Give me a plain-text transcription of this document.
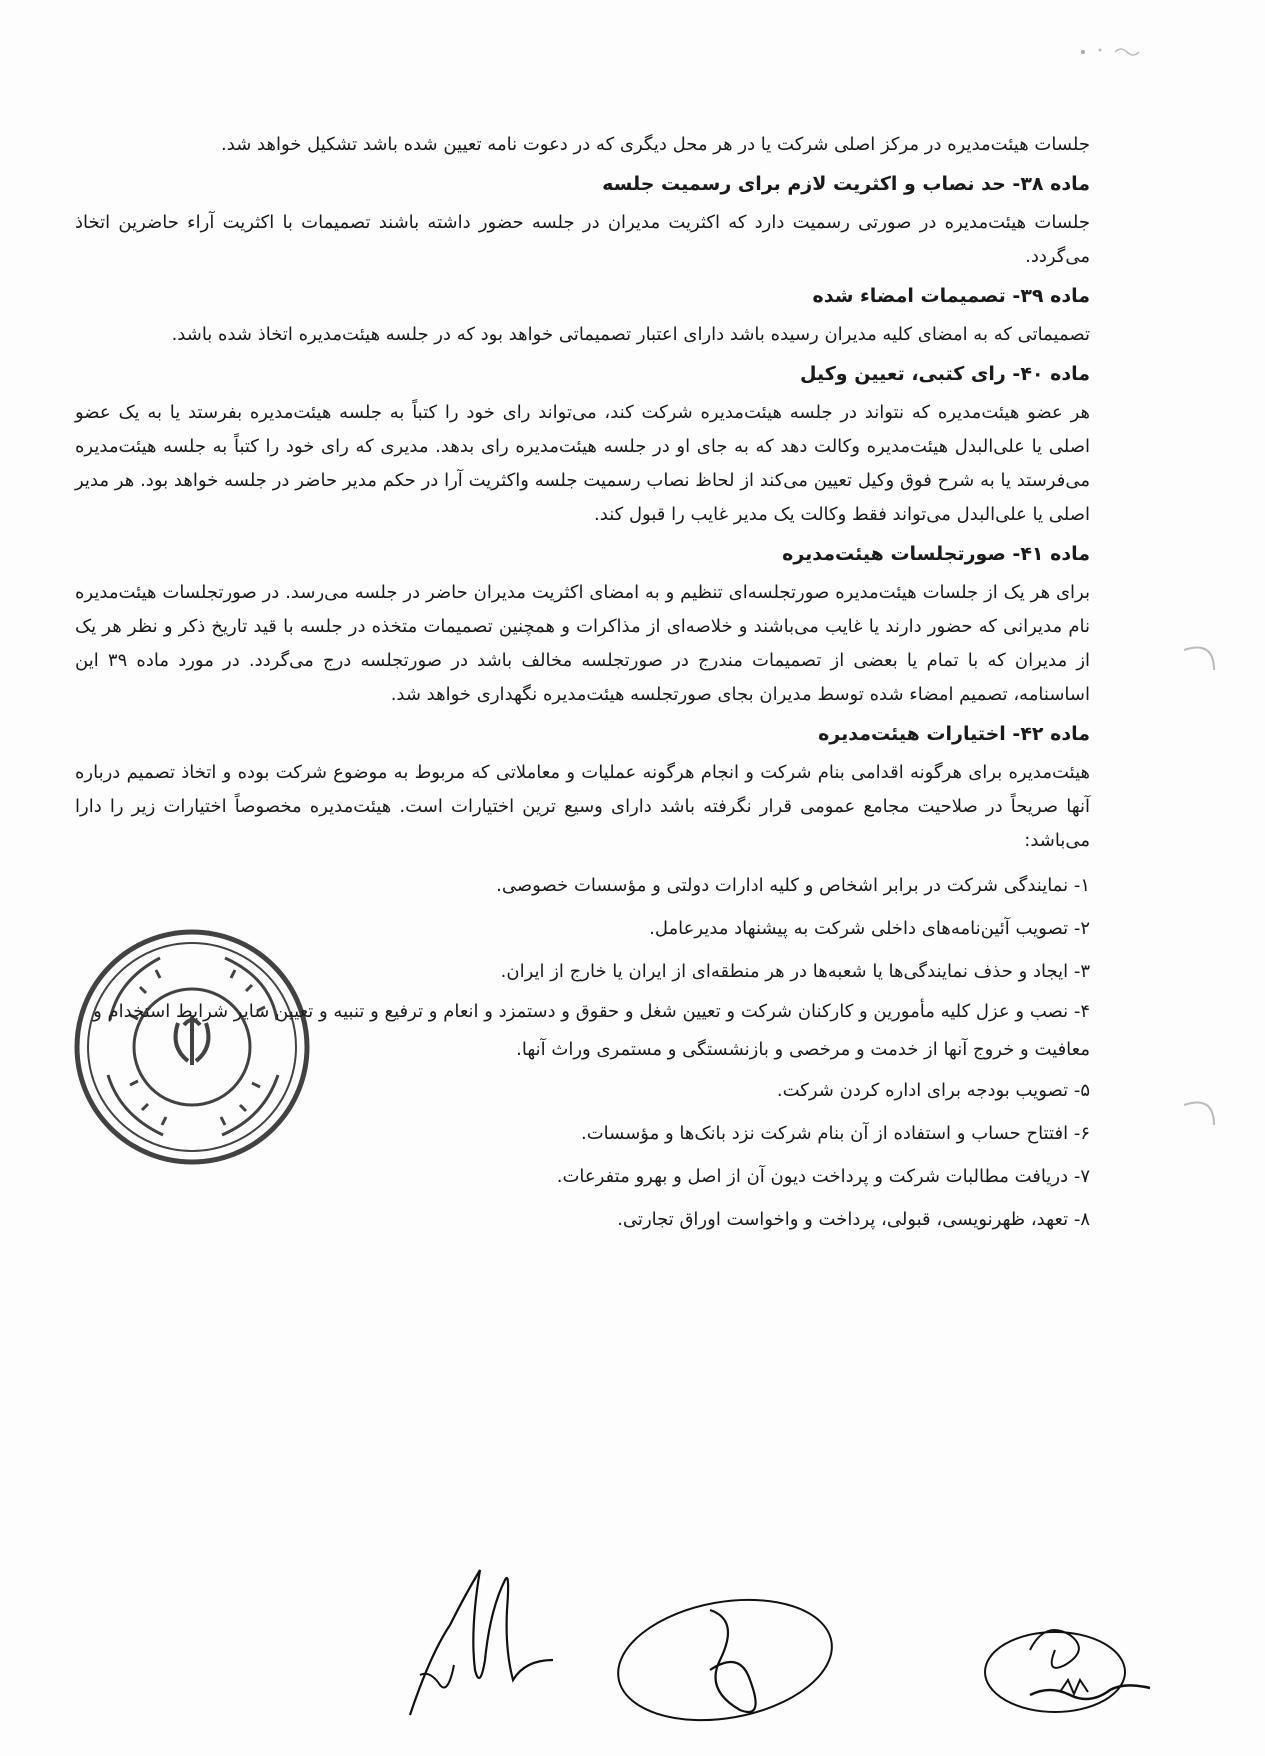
جلسات هیئت‌مدیره در مرکز اصلی شرکت یا در هر محل دیگری که در دعوت نامه تعیین شده باشد تشکیل خواهد شد.

ماده ۳۸- حد نصاب و اکثریت لازم برای رسمیت جلسه

جلسات هیئت‌مدیره در صورتی رسمیت دارد که اکثریت مدیران در جلسه حضور داشته باشند تصمیمات با اکثریت آراء حاضرین اتخاذ می‌گردد.

ماده ۳۹- تصمیمات امضاء شده

تصمیماتی که به امضای کلیه مدیران رسیده باشد دارای اعتبار تصمیماتی خواهد بود که در جلسه هیئت‌مدیره اتخاذ شده باشد.

ماده ۴۰- رای کتبی، تعیین وکیل

هر عضو هیئت‌مدیره که نتواند در جلسه هیئت‌مدیره شرکت کند، می‌تواند رای خود را کتباً به جلسه هیئت‌مدیره بفرستد یا به یک عضو اصلی یا علی‌البدل هیئت‌مدیره وکالت دهد که به جای او در جلسه هیئت‌مدیره رای بدهد. مدیری که رای خود را کتباً به جلسه هیئت‌مدیره می‌فرستد یا به شرح فوق وکیل تعیین می‌کند از لحاظ نصاب رسمیت جلسه واکثریت آرا در حکم مدیر حاضر در جلسه خواهد بود. هر مدیر اصلی یا علی‌البدل می‌تواند فقط وکالت یک مدیر غایب را قبول کند.

ماده ۴۱- صورتجلسات هیئت‌مدیره

برای هر یک از جلسات هیئت‌مدیره صورتجلسه‌ای تنظیم و به امضای اکثریت مدیران حاضر در جلسه می‌رسد. در صورتجلسات هیئت‌مدیره نام مدیرانی که حضور دارند یا غایب می‌باشند و خلاصه‌ای از مذاکرات و همچنین تصمیمات متخذه در جلسه با قید تاریخ ذکر و نظر هر یک از مدیران که با تمام یا بعضی از تصمیمات مندرج در صورتجلسه مخالف باشد در صورتجلسه درج می‌گردد. در مورد ماده ۳۹ این اساسنامه، تصمیم امضاء شده توسط مدیران بجای صورتجلسه هیئت‌مدیره نگهداری خواهد شد.

ماده ۴۲- اختیارات هیئت‌مدیره

هیئت‌مدیره برای هرگونه اقدامی بنام شرکت و انجام هرگونه عملیات و معاملاتی که مربوط به موضوع شرکت بوده و اتخاذ تصمیم درباره آنها صریحاً در صلاحیت مجامع عمومی قرار نگرفته باشد دارای وسیع ترین اختیارات است. هیئت‌مدیره مخصوصاً اختیارات زیر را دارا می‌باشد:

۱- نمایندگی شرکت در برابر اشخاص و کلیه ادارات دولتی و مؤسسات خصوصی.
۲- تصویب آئین‌نامه‌های داخلی شرکت به پیشنهاد مدیرعامل.
۳- ایجاد و حذف نمایندگی‌ها یا شعبه‌ها در هر منطقه‌ای از ایران یا خارج از ایران.
۴- نصب و عزل کلیه مأمورین و کارکنان شرکت و تعیین شغل و حقوق و دستمزد و انعام و ترفیع و تنبیه و تعیین سایر شرایط استخدام و معافیت و خروج آنها از خدمت و مرخصی و بازنشستگی و مستمری وراث آنها.
۵- تصویب بودجه برای اداره کردن شرکت.
۶- افتتاح حساب و استفاده از آن بنام شرکت نزد بانک‌ها و مؤسسات.
۷- دریافت مطالبات شرکت و پرداخت دیون آن از اصل و بهرو متفرعات.
۸- تعهد، ظهرنویسی، قبولی، پرداخت و واخواست اوراق تجارتی.
